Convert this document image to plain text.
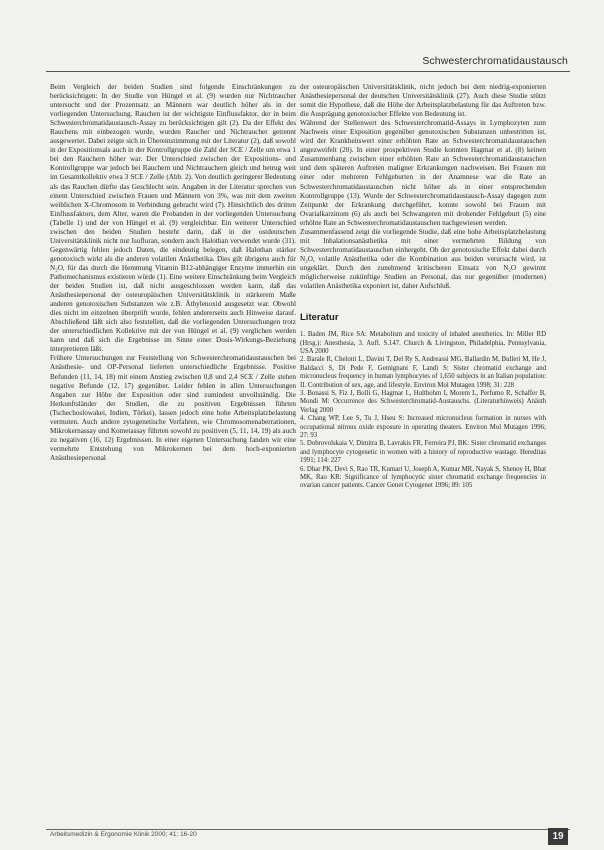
Schwesterchromatidaustausch

Beim Vergleich der beiden Studien sind folgende Einschränkungen zu berücksichtigen: In der Studie von Hüngel et al. (9) wurden nur Nichtraucher untersucht und der Prozentsatz an Männern war deutlich höher als in der vorliegenden Untersuchung. Rauchen ist der wichtigste Einflussfaktor, der in beim Schwesterchromatidaustausch-Assay zu berücksichtigen gilt (2). Da der Effekt des Rauchens mit einbezogen wurde, wurden Raucher und Nichtraucher getrennt ausgewertet. Dabei zeigte sich in Übereinstimmung mit der Literatur (2), daß sowohl in der Expositionsals auch in der Kontrollgruppe die Zahl der SCE / Zelle um etwa 1 bei den Rauchern höher war. Der Unterschied zwischen der Expositions- und Kontrollgruppe war jedoch bei Rauchern und Nichtrauchern gleich und betrug weit im Gesamtkollektiv etwa 3 SCE / Zelle (Abb. 2). Von deutlich geringerer Bedeutung als das Rauchen dürfte das Geschlecht sein. Angaben in der Literatur sprechen von einem Unterschied zwischen Frauen und Männern von 3%, was mit dem zweiten weiblichen X-Chromosom in Verbindung gebracht wird (7). Hinsichtlich des dritten Einflussfaktors, dem Alter, waren die Probanden in der vorliegenden Untersuchung (Tabelle 1) und der von Hüngel et al. (9) vergleichbar. Ein weiterer Unterschied zwischen den beiden Studien besteht darin, daß in der ostdeutschen Universitätsklinik nicht nur Isofluran, sondern auch Halothan verwendet wurde (31). Gegenwärtig fehlen jedoch Daten, die eindeutig belegen, daß Halothan stärker genotoxisch wirkt als die anderen volatilen Anästhetika. Dies gilt übrigens auch für N₂O, für das durch die Hemmung Vitamin B12-abhängiger Enzyme immerhin ein Pathomechanismus existieren würde (1). Eine weitere Einschränkung beim Vergleich der beiden Studien ist, daß nicht ausgeschlossen werden kann, daß das Anästhesiepersonal der osteuropäischen Universitätsklinik in stärkerem Maße anderen genotoxischen Substanzen wie z.B. Äthylenoxid ausgesetzt war. Obwohl dies nicht im einzelnen überprüft wurde, fehlen andererseits auch Hinweise darauf. Abschließend läßt sich also feststellen, daß die vorliegenden Untersuchungen trotz der unterschiedlichen Kollektive mit der von Hüngel et al. (9) verglichen werden kann und daß sich die Ergebnisse im Sinne einer Dosis-Wirkungs-Beziehung interpretieren läßt.

Frühere Untersuchungen zur Feststellung von Schwesterchromatidaustauschen bei Anästhesie- und OP-Personal lieferten unterschiedliche Ergebnisse. Positive Befunden (11, 14, 18) mit einem Anstieg zwischen 0,8 und 2,4 SCE / Zelle stehen negative Befunde (12, 17) gegenüber. Leider fehlen in allen Untersuchungen Angaben zur Höhe der Exposition oder sind zumindest unvollständig. Die Herkunftsländer der Studien, die zu positiven Ergebnissen führten (Tschechoslowakei, Indien, Türkei), lassen jedoch eine hohe Arbeitsplatzbelastung vermuten. Auch andere zytogenetische Verfahren, wie Chromosomenaberrationen, Mikrokernassay und Kometassay führten sowohl zu positiven (5, 11, 14, 19) als auch zu negativen (16, 12) Ergebnissen. In einer eigenen Untersuchung fanden wir eine vermehrte Entstehung von Mikrokernen bei dem hoch-exponierten Anästhesiepersonal

der osteuropäischen Universitätsklinik, nicht jedoch bei dem niedrig-exponierten Anästhesiepersonal der deutschen Universitätsklinik (27). Auch diese Studie stützt somit die Hypothese, daß die Höhe der Arbeitsplatzbelastung für das Auftreten bzw. die Ausprägung genotoxischer Effekte von Bedeutung ist.

Während der Stellenwert des Schwesterchromatid-Assays in Lymphozyten zum Nachweis einer Exposition gegenüber genotoxischen Substanzen unbestritten ist, wird der Krankheitswert einer erhöhten Rate an Schwesterchromatidaustauschen angezweifelt (20). In einer prospektiven Studie konnten Hagmar et al. (8) keinen Zusammenhang zwischen einer erhöhten Rate an Schwesterchromatidaustauschen und dem späteren Auftreten maligner Erkrankungen nachweisen. Bei Frauen mit einer oder mehreren Fehlgeburten in der Anamnese war die Rate an Schwesterchromatidaustauschen nicht höher als in einer entsprechenden Kontrollgruppe (13). Wurde der Schwesterchromatidaustausch-Assay dagegen zum Zeitpunkt der Erkrankung durchgeführt, konnte sowohl bei Frauen mit Ovarialkarzinom (6) als auch bei Schwangeren mit drohender Fehlgeburt (5) eine erhöhte Rate an Schwesterchromatidaustauschen nachgewiesen werden.

Zusammenfassend zeigt die vorliegende Studie, daß eine hohe Arbeitsplatzbelastung mit Inhalationsanästhetika mit einer vermehrten Bildung von Schwesterchromatidaustauschen einhergeht. Ob der genotoxische Effekt dabei durch N₂O, volatile Anästhetika oder die Kombination aus beiden verursacht wird, ist ungeklärt. Durch den zunehmend kritischeren Einsatz von N₂O gewinnt möglicherweise zukünftige Studien an Personal, das nur gegenüber (modernen) volatilen Anästhetika exponiert ist, daher Aufschluß.

Literatur

1. Baden JM, Rice SA: Metabolism and toxicity of inhaled anesthetics. In: Miller RD (Hrsg.): Anesthesia, 3. Aufl. S.147. Church & Livingston, Philadelphia, Pennsylvania, USA 2000

2. Barale R, Chelotti L, Davini T, Del Ry S, Andreassi MG, Ballardin M, Bulleri M, He J, Baldacci S, Di Pede F, Gemignani F, Landi S: Sister chromatid exchange and micronucleus frequency in human lymphocytes of 1,650 subjects in an Italian population: II. Contribution of sex, age, and lifestyle. Environ Mol Mutagen 1998; 31: 228

3. Bonassi S, Fiz J, Bolli G, Hagmar L, Hultbohm I, Morem L, Perfumo R, Schaffer B, Mondi M: Occurrence des Schwesterchromatid-Austauschs. (Literaturhinweis) Anästh Verlag 2000

4. Chang WP, Lee S, Tu J, Hseu S: Increased micronucleus formation in nurses with occupational nitrous oxide exposure in operating theaters. Environ Mol Mutagen 1996; 27: 93

5. Dobrovolskaia V, Dimitra B, Lavrakis FR, Ferreira PJ, BK: Sister chromatid exchanges and lymphocyte cytogenetic in women with a history of reproductive wastage. Hereditas 1991; 114: 227

6. Dhar PK, Devi S, Rao TR, Kumari U, Joseph A, Kumar MR, Nayak S, Shenoy H, Bhat MK, Rao KR: Significance of lymphocytic sister chromatid exchange frequencies in ovarian cancer patients. Cancer Genet Cytogenet 1996; 89: 105

Arbeitsmedizin & Ergonomie Klinik 2000; 41: 16-20	19
